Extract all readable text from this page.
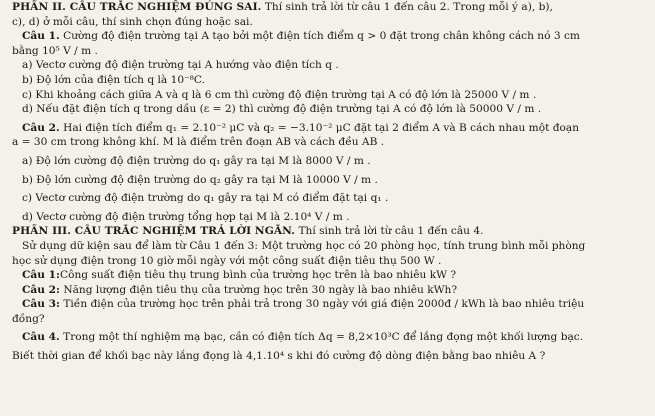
PHẦN II. CÂU TRẮC NGHIỆM ĐÚNG SAI. Thí sinh trả lời từ câu 1 đến câu 2. Trong mỗi ý a), b),
c), d) ở mỗi câu, thí sinh chọn đúng hoặc sai.
Câu 1. Cường độ điện trường tại A tạo bởi một điện tích điểm q > 0 đặt trong chân không cách nó 3 cm
bằng 10⁵ V / m .
a) Vectơ cường độ điện trường tại A hướng vào điện tích q .
b) Độ lớn của điện tích q là 10⁻⁸C.
c) Khi khoảng cách giữa A và q là 6 cm thì cường độ điện trường tại A có độ lớn là 25000 V / m .
d) Nếu đặt điện tích q trong dầu (ε = 2) thì cường độ điện trường tại A có độ lớn là 50000 V / m .
Câu 2. Hai điện tích điểm q₁ = 2.10⁻² μC và q₂ = −3.10⁻² μC đặt tại 2 điểm A và B cách nhau một đoạn
a = 30 cm trong không khí. M là điểm trên đoạn AB và cách đều AB .
a) Độ lớn cường độ điện trường do q₁ gây ra tại M là 8000 V / m .
b) Độ lớn cường độ điện trường do q₂ gây ra tại M là 10000 V / m .
c) Vectơ cường độ điện trường do q₁ gây ra tại M có điểm đặt tại q₁ .
d) Vectơ cường độ điện trường tổng hợp tại M là 2.10⁴ V / m .
PHẦN III. CÂU TRẮC NGHIỆM TRẢ LỜI NGẮN. Thí sinh trả lời từ câu 1 đến câu 4.
Sử dụng dữ kiện sau để làm từ Câu 1 đến 3: Một trường học có 20 phòng học, tính trung bình mỗi phòng
học sử dụng điện trong 10 giờ mỗi ngày với một công suất điện tiêu thụ 500 W .
Câu 1:Công suất điện tiêu thụ trung bình của trường học trên là bao nhiêu kW ?
Câu 2: Năng lượng điện tiêu thụ của trường học trên 30 ngày là bao nhiêu kWh?
Câu 3: Tiền điện của trường học trên phải trả trong 30 ngày với giá điện 2000đ / kWh là bao nhiêu triệu
đồng?
Câu 4. Trong một thí nghiệm mạ bạc, cần có điện tích Δq = 8,2×10³C để lắng đọng một khối lượng bạc.
Biết thời gian để khối bạc này lắng đọng là 4,1.10⁴ s khi đó cường độ dòng điện bằng bao nhiêu A ?
